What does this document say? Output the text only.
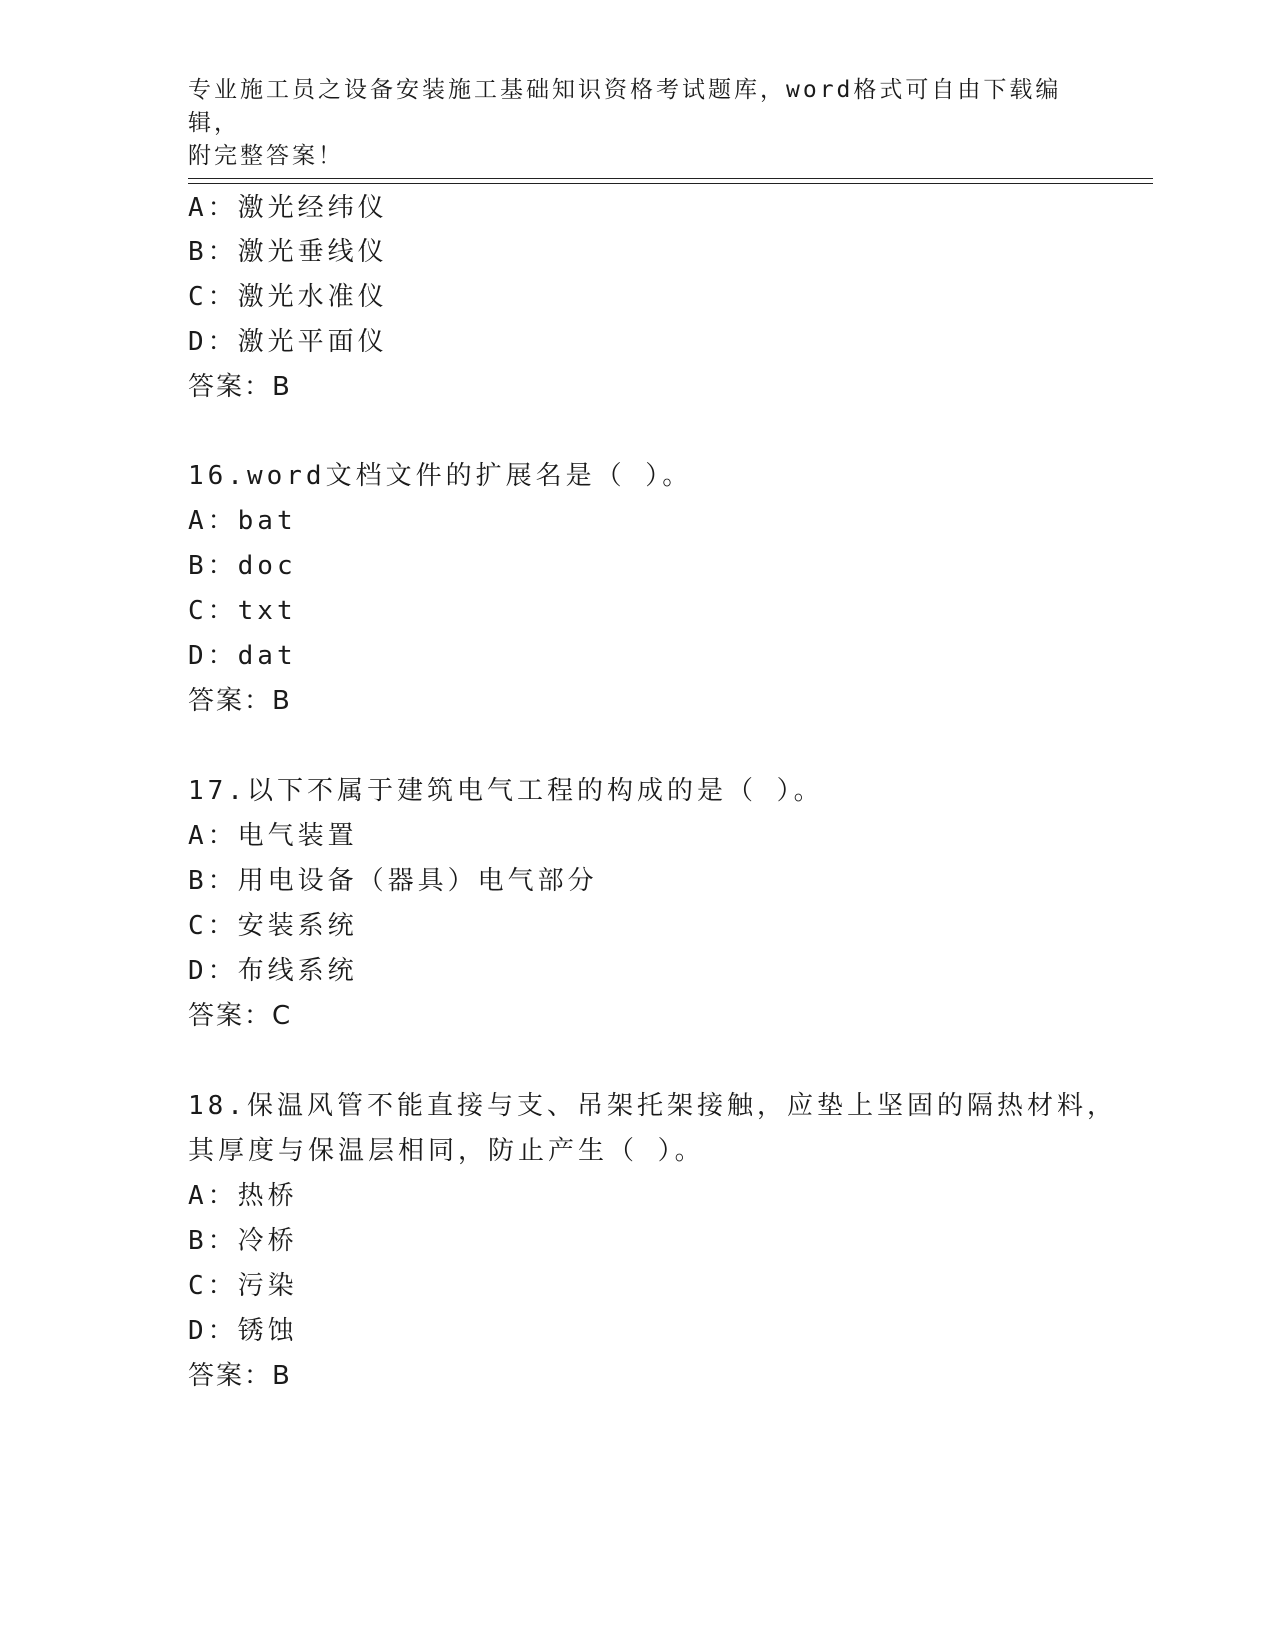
专业施工员之设备安装施工基础知识资格考试题库，word格式可自由下载编辑，
附完整答案！
A：激光经纬仪
B：激光垂线仪
C：激光水准仪
D：激光平面仪
答案：B
16.word文档文件的扩展名是（ ）。
A：bat
B：doc
C：txt
D：dat
答案：B
17.以下不属于建筑电气工程的构成的是（ ）。
A：电气装置
B：用电设备（器具）电气部分
C：安装系统
D：布线系统
答案：C
18.保温风管不能直接与支、吊架托架接触，应垫上坚固的隔热材料，
其厚度与保温层相同，防止产生（ ）。
A：热桥
B：冷桥
C：污染
D：锈蚀
答案：B
